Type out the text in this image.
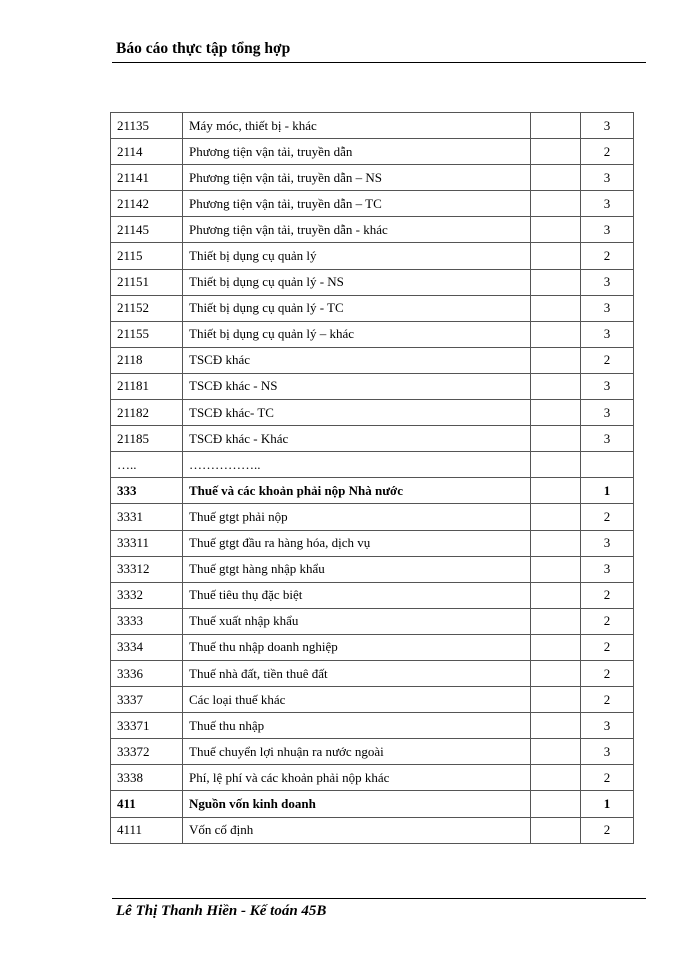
Báo cáo thực tập tổng hợp
21135	Máy móc, thiết bị - khác		3
2114	Phương tiện vận tải, truyền dẫn		2
21141	Phương tiện vận tải, truyền dẫn – NS		3
21142	Phương tiện vận tải, truyền dẫn – TC		3
21145	Phương tiện vận tải, truyền dẫn - khác		3
2115	Thiết bị dụng cụ quản lý		2
21151	Thiết bị dụng cụ quản lý - NS		3
21152	Thiết bị dụng cụ quản lý - TC		3
21155	Thiết bị dụng cụ quản lý – khác		3
2118	TSCĐ khác		2
21181	TSCĐ khác - NS		3
21182	TSCĐ khác- TC		3
21185	TSCĐ khác - Khác		3
…..	……………..		
333	Thuế và các khoản phải nộp Nhà nước		1
3331	Thuế gtgt phải nộp		2
33311	Thuế gtgt đầu ra hàng hóa, dịch vụ		3
33312	Thuế gtgt hàng nhập khẩu		3
3332	Thuế tiêu thụ đặc biệt		2
3333	Thuế xuất nhập khẩu		2
3334	Thuế thu nhập doanh nghiệp		2
3336	Thuế nhà đất, tiền thuê đất		2
3337	Các loại thuế khác		2
33371	Thuế thu nhập		3
33372	Thuế chuyển lợi nhuận ra nước ngoài		3
3338	Phí, lệ phí và các khoản phải nộp khác		2
411	Nguồn vốn kinh doanh		1
4111	Vốn cố định		2
Lê Thị Thanh Hiền - Kế toán 45B
